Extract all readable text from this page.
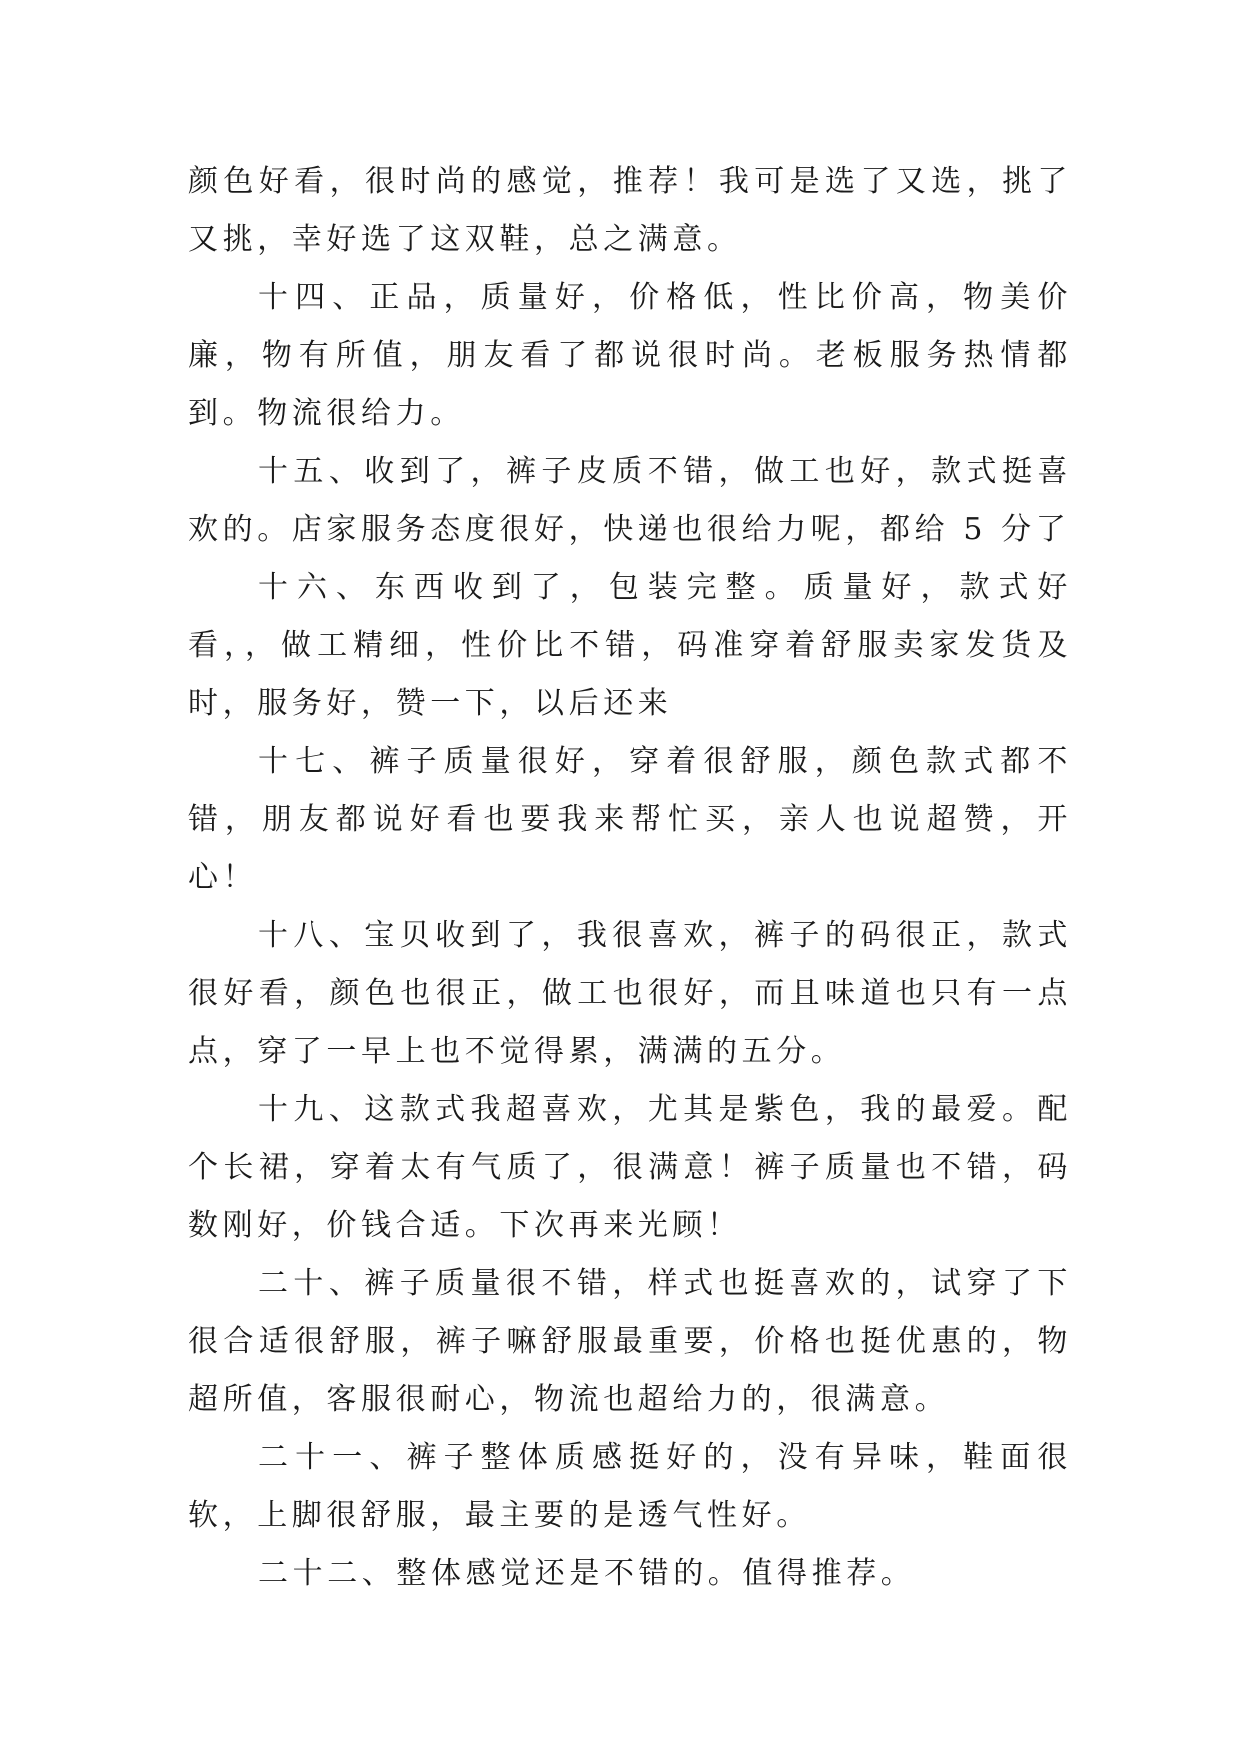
颜色好看，很时尚的感觉，推荐！我可是选了又选，挑了又挑，幸好选了这双鞋，总之满意。

十四、正品，质量好，价格低，性比价高，物美价廉，物有所值，朋友看了都说很时尚。老板服务热情都到。物流很给力。

十五、收到了，裤子皮质不错，做工也好，款式挺喜欢的。店家服务态度很好，快递也很给力呢，都给 5 分了

十六、东西收到了，包装完整。质量好，款式好看，，做工精细，性价比不错，码准穿着舒服卖家发货及时，服务好，赞一下，以后还来

十七、裤子质量很好，穿着很舒服，颜色款式都不错，朋友都说好看也要我来帮忙买，亲人也说超赞，开心！

十八、宝贝收到了，我很喜欢，裤子的码很正，款式很好看，颜色也很正，做工也很好，而且味道也只有一点点，穿了一早上也不觉得累，满满的五分。

十九、这款式我超喜欢，尤其是紫色，我的最爱。配个长裙，穿着太有气质了，很满意！裤子质量也不错，码数刚好，价钱合适。下次再来光顾！

二十、裤子质量很不错，样式也挺喜欢的，试穿了下很合适很舒服，裤子嘛舒服最重要，价格也挺优惠的，物超所值，客服很耐心，物流也超给力的，很满意。

二十一、裤子整体质感挺好的，没有异味，鞋面很软，上脚很舒服，最主要的是透气性好。

二十二、整体感觉还是不错的。值得推荐。
